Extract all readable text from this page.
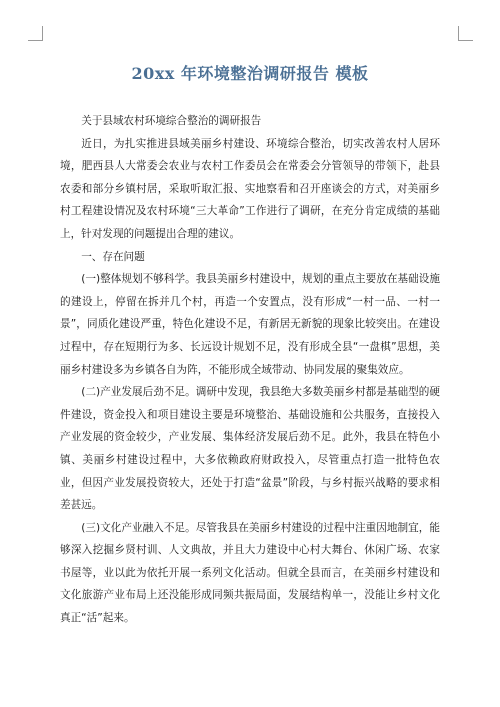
20xx 年环境整治调研报告 模板

关于县域农村环境综合整治的调研报告

近日，为扎实推进县域美丽乡村建设、环境综合整治，切实改善农村人居环境，肥西县人大常委会农业与农村工作委员会在常委会分管领导的带领下，赴县农委和部分乡镇村居，采取听取汇报、实地察看和召开座谈会的方式，对美丽乡村工程建设情况及农村环境“三大革命”工作进行了调研，在充分肯定成绩的基础上，针对发现的问题提出合理的建议。

一、存在问题

(一)整体规划不够科学。我县美丽乡村建设中，规划的重点主要放在基础设施的建设上，停留在拆并几个村，再造一个安置点，没有形成“一村一品、一村一景”，同质化建设严重，特色化建设不足，有新居无新貌的现象比较突出。在建设过程中，存在短期行为多、长远设计规划不足，没有形成全县“一盘棋”思想，美丽乡村建设多为乡镇各自为阵，不能形成全域带动、协同发展的聚集效应。

(二)产业发展后劲不足。调研中发现，我县绝大多数美丽乡村都是基础型的硬件建设，资金投入和项目建设主要是环境整治、基础设施和公共服务，直接投入产业发展的资金较少，产业发展、集体经济发展后劲不足。此外，我县在特色小镇、美丽乡村建设过程中，大多依赖政府财政投入，尽管重点打造一批特色农业，但因产业发展投资较大，还处于打造“盆景”阶段，与乡村振兴战略的要求相差甚远。

(三)文化产业融入不足。尽管我县在美丽乡村建设的过程中注重因地制宜，能够深入挖掘乡贤村训、人文典故，并且大力建设中心村大舞台、休闲广场、农家书屋等，业以此为依托开展一系列文化活动。但就全县而言，在美丽乡村建设和文化旅游产业布局上还没能形成同频共振局面，发展结构单一，没能让乡村文化真正“活”起来。
